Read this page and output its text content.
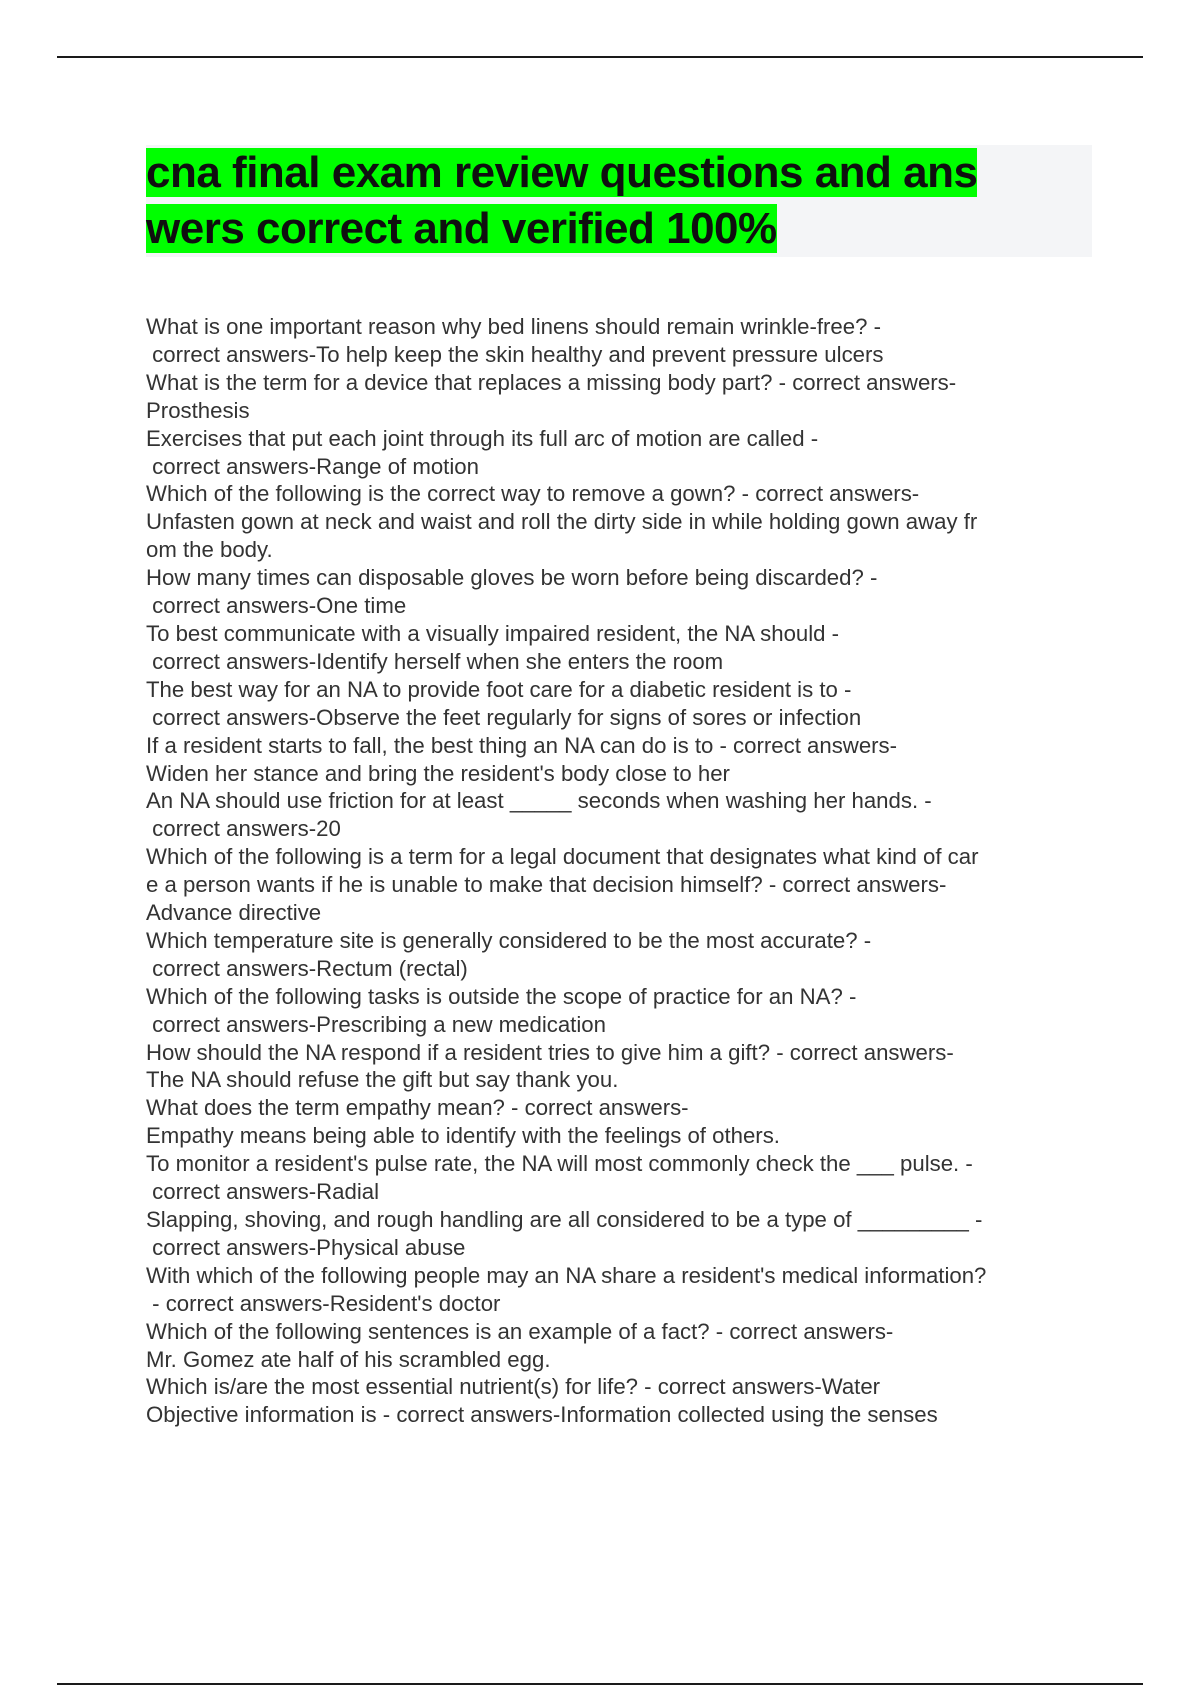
cna final exam review questions and ans
wers correct and verified 100%
What is one important reason why bed linens should remain wrinkle-free? -
correct answers-To help keep the skin healthy and prevent pressure ulcers
What is the term for a device that replaces a missing body part? - correct answers-
Prosthesis
Exercises that put each joint through its full arc of motion are called -
correct answers-Range of motion
Which of the following is the correct way to remove a gown? - correct answers-
Unfasten gown at neck and waist and roll the dirty side in while holding gown away fr
om the body.
How many times can disposable gloves be worn before being discarded? -
correct answers-One time
To best communicate with a visually impaired resident, the NA should -
correct answers-Identify herself when she enters the room
The best way for an NA to provide foot care for a diabetic resident is to -
correct answers-Observe the feet regularly for signs of sores or infection
If a resident starts to fall, the best thing an NA can do is to - correct answers-
Widen her stance and bring the resident's body close to her
An NA should use friction for at least _____ seconds when washing her hands. -
correct answers-20
Which of the following is a term for a legal document that designates what kind of car
e a person wants if he is unable to make that decision himself? - correct answers-
Advance directive
Which temperature site is generally considered to be the most accurate? -
correct answers-Rectum (rectal)
Which of the following tasks is outside the scope of practice for an NA? -
correct answers-Prescribing a new medication
How should the NA respond if a resident tries to give him a gift? - correct answers-
The NA should refuse the gift but say thank you.
What does the term empathy mean? - correct answers-
Empathy means being able to identify with the feelings of others.
To monitor a resident's pulse rate, the NA will most commonly check the ___ pulse. -
correct answers-Radial
Slapping, shoving, and rough handling are all considered to be a type of _________ -
correct answers-Physical abuse
With which of the following people may an NA share a resident's medical information?
- correct answers-Resident's doctor
Which of the following sentences is an example of a fact? - correct answers-
Mr. Gomez ate half of his scrambled egg.
Which is/are the most essential nutrient(s) for life? - correct answers-Water
Objective information is - correct answers-Information collected using the senses
